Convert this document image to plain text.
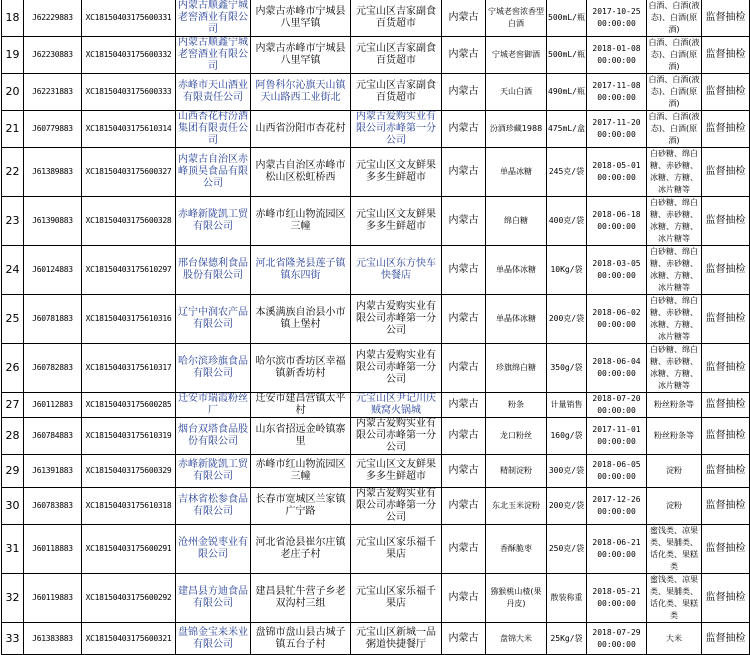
18	J62229883	XC18150403175600331	内蒙古顺鑫宁城老窖酒业有限公司	内蒙古赤峰市宁城县八里罕镇	元宝山区吉家副食百货超市	内蒙古	宁城老窖浓香型白酒	500mL/瓶	2017-10-25 00:00:00	白酒、白酒(液态)、白酒(原酒)	监督抽检
19	J62230883	XC18150403175600332	内蒙古顺鑫宁城老窖酒业有限公司	内蒙古赤峰市宁城县八里罕镇	元宝山区吉家副食百货超市	内蒙古	宁城老窖御酒	500mL/瓶	2018-01-08 00:00:00	白酒、白酒(液态)、白酒(原酒)	监督抽检
20	J62231883	XC18150403175600333	赤峰市天山酒业有限责任公司	阿鲁科尔沁旗天山镇天山路西工业街北	元宝山区吉家副食百货超市	内蒙古	天山白酒	490mL/瓶	2017-11-08 00:00:00	白酒、白酒(液态)、白酒(原酒)	监督抽检
21	J60779883	XC18150403175610314	山西杏花村汾酒集团有限责任公司	山西省汾阳市杏花村	内蒙古爱购实业有限公司赤峰第一分公司	内蒙古	汾酒珍藏1988	475mL/盒	2017-11-20 00:00:00	白酒、白酒(液态)、白酒(原酒)	监督抽检
22	J61389883	XC18150403175600327	内蒙古自治区赤峰顶昊食品有限公司	内蒙古自治区赤峰市松山区松虹桥西	元宝山区文友鲜果多多生鲜超市	内蒙古	单晶冰糖	245克/袋	2018-05-01 00:00:00	白砂糖、绵白糖、赤砂糖、冰糖、方糖、冰片糖等	监督抽检
23	J61390883	XC18150403175600328	赤峰新陇凯工贸有限公司	赤峰市红山物流园区三幢	元宝山区文友鲜果多多生鲜超市	内蒙古	绵白糖	400克/袋	2018-06-18 00:00:00	白砂糖、绵白糖、赤砂糖、冰糖、方糖、冰片糖等	监督抽检
24	J60124883	XC18150403175610297	邢台保德利食品股份有限公司	河北省隆尧县莲子镇镇东四街	元宝山区东方快车快餐店	内蒙古	单晶体冰糖	10Kg/袋	2018-03-05 00:00:00	白砂糖、绵白糖、赤砂糖、冰糖、方糖、冰片糖等	监督抽检
25	J60781883	XC18150403175610316	辽宁中润农产品有限公司	本溪满族自治县小市镇上堡村	内蒙古爱购实业有限公司赤峰第一分公司	内蒙古	单晶体冰糖	200克/袋	2018-06-02 00:00:00	白砂糖、绵白糖、赤砂糖、冰糖、方糖、冰片糖等	监督抽检
26	J60782883	XC18150403175610317	哈尔滨珍旗食品有限公司	哈尔滨市香坊区幸福镇新香坊村	内蒙古爱购实业有限公司赤峰第一分公司	内蒙古	珍旗绵白糖	350g/袋	2018-06-04 00:00:00	白砂糖、绵白糖、赤砂糖、冰糖、方糖、冰片糖等	监督抽检
27	J60112883	XC18150403175600285	迁安市瑞霞粉丝厂	迁安市建昌营镇太平村	元宝山区尹记川庆贼窝火锅城	内蒙古	粉条	计量销售	2018-07-20 00:00:00	粉丝粉条等	监督抽检
28	J60784883	XC18150403175610319	烟台双塔食品股份有限公司	山东省招远金岭镇寨里	内蒙古爱购实业有限公司赤峰第一分公司	内蒙古	龙口粉丝	160g/袋	2017-11-01 00:00:00	粉丝粉条等	监督抽检
29	J61391883	XC18150403175600329	赤峰新陇凯工贸有限公司	赤峰市红山物流园区三幢	元宝山区文友鲜果多多生鲜超市	内蒙古	精制淀粉	300克/袋	2018-06-05 00:00:00	淀粉	监督抽检
30	J60783883	XC18150403175610318	吉林省松参食品有限公司	长春市宽城区兰家镇广宁路	内蒙古爱购实业有限公司赤峰第一分公司	内蒙古	东北玉米淀粉	200克/袋	2017-12-26 00:00:00	淀粉	监督抽检
31	J60118883	XC18150403175600291	沧州金锐枣业有限公司	河北省沧县崔尔庄镇老庄子村	元宝山区家乐福千果店	内蒙古	香酥脆枣	250克/袋	2018-06-21 00:00:00	蜜饯类、凉果类、果脯类、话化类、果糕类	监督抽检
32	J60119883	XC18150403175600292	建昌县方迪食品有限公司	建昌县牤牛营子乡老双沟村三组	元宝山区家乐福千果店	内蒙古	猕猴桃山楂(果丹皮)	散装称重	2018-05-21 00:00:00	蜜饯类、凉果类、果脯类、话化类、果糕类	监督抽检
33	J61383883	XC18150403175600321	盘锦金宝来米业有限公司	盘锦市盘山县古城子镇五台子村	元宝山区新城一品粥道快捷餐厅	内蒙古	盘锦大米	25Kg/袋	2018-07-29 00:00:00	大米	监督抽检
